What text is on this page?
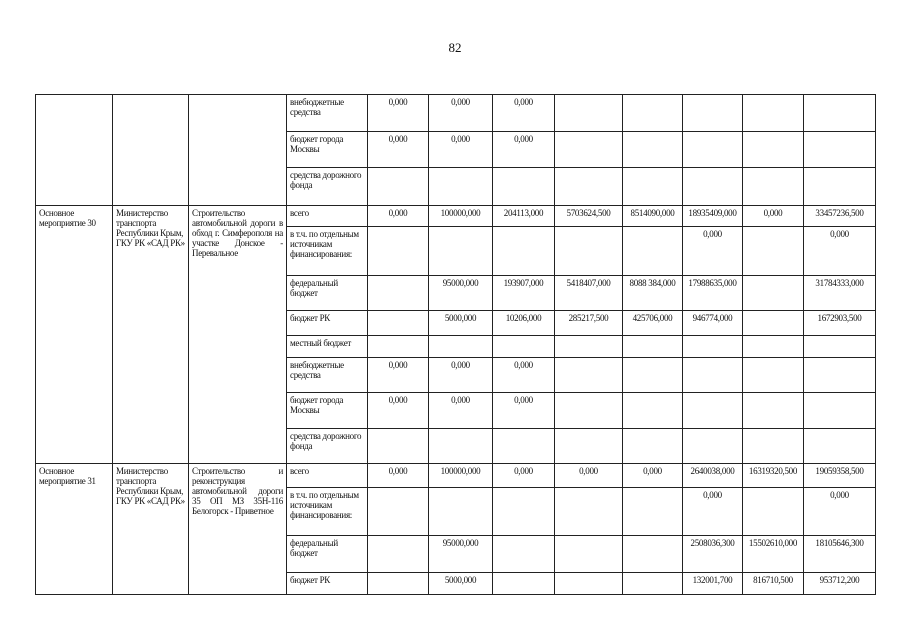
82
			внебюджетные средства	0,000	0,000	0,000					
			бюджет города Москвы	0,000	0,000	0,000					
			средства дорожного фонда								
Основное мероприятие 30	Министерство транспорта Республики Крым, ГКУ РК «САД РК»	Строительство автомобильной дороги в обход г. Симферополя на участке Донское - Перевальное	всего	0,000	100000,000	204113,000	5703624,500	8514090,000	18935409,000	0,000	33457236,500
			в т.ч. по отдельным источникам финансирования:						0,000		0,000
			федеральный бюджет		95000,000	193907,000	5418407,000	8088 384,000	17988635,000		31784333,000
			бюджет РК		5000,000	10206,000	285217,500	425706,000	946774,000		1672903,500
			местный бюджет								
			внебюджетные средства	0,000	0,000	0,000					
			бюджет города Москвы	0,000	0,000	0,000					
			средства дорожного фонда								
Основное мероприятие 31	Министерство транспорта Республики Крым, ГКУ РК «САД РК»	Строительство и реконструкция автомобильной дороги 35 ОП МЗ 35Н-116 Белогорск - Приветное	всего	0,000	100000,000	0,000	0,000	0,000	2640038,000	16319320,500	19059358,500
			в т.ч. по отдельным источникам финансирования:						0,000		0,000
			федеральный бюджет		95000,000				2508036,300	15502610,000	18105646,300
			бюджет РК		5000,000				132001,700	816710,500	953712,200
